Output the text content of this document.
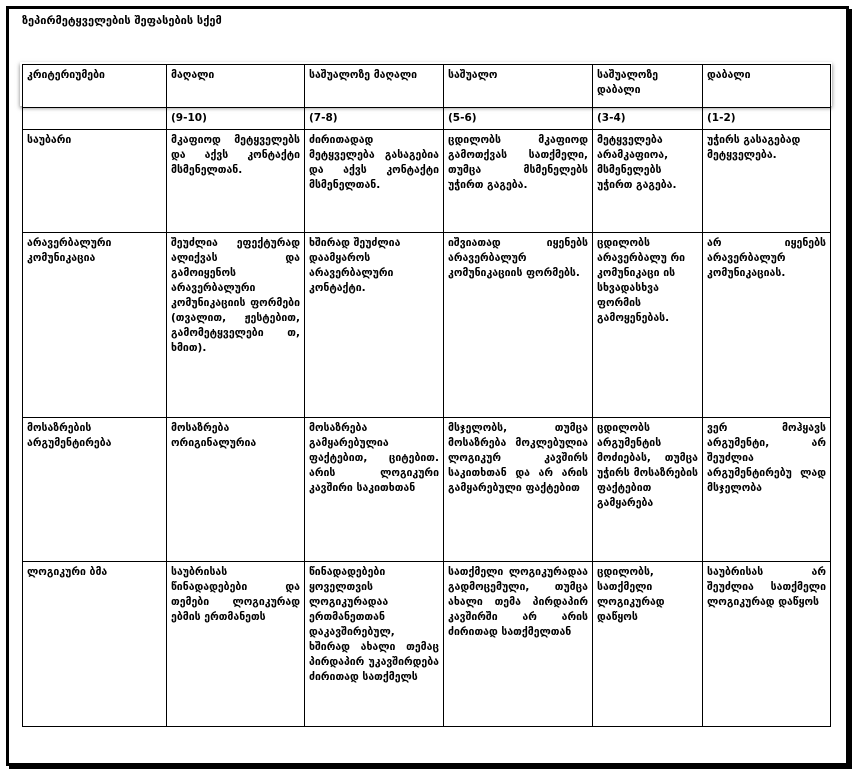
ზეპირმეტყველების შეფასების სქემ
კრიტერიუმები	მაღალი	საშუალოზე მაღალი	საშუალო	საშუალოზე დაბალი	დაბალი
	(9-10)	(7-8)	(5-6)	(3-4)	(1-2)
საუბარი	მკაფიოდ მეტყველებს და აქვს კონტაქტი მსმენელთან.	ძირითადად მეტყველება გასაგებია და აქვს კონტაქტი მსმენელთან.	ცდილობს მკაფიოდ გამოთქვას სათქმელი, თუმცა მსმენელებს უჭირთ გაგება.	მეტყველება არამკაფიოა, მსმენელებს უჭირთ გაგება.	უჭირს გასაგებად მეტყველება.
არავერბალური კომუნიკაცია	შეუძლია ეფექტურად ალიქვას და გამოიყენოს არავერბალური კომუნიკაციის ფორმები (თვალით, ჟესტებით, გამომეტყველები თ, ხმით).	ხშირად შეუძლია დაამყაროს არავერბალური კონტაქტი.	იშვიათად იყენებს არავერბალურ კომუნიკაციის ფორმებს.	ცდილობს არავერბალუ რი კომუნიკაცი ის სხვადასხვა ფორმის გამოყენებას.	არ იყენებს არავერბალურ კომუნიკაციას.
მოსაზრების არგუმენტირება	მოსაზრება ორიგინალურია	მოსაზრება გამყარებულია ფაქტებით, ციტებით. არის ლოგიკური კავშირი საკითხთან	მსჯელობს, თუმცა მოსაზრება მოკლებულია ლოგიკურ კავშირს საკითხთან და არ არის გამყარებული ფაქტებით	ცდილობს არგუმენტის მოძიებას, თუმცა უჭირს მოსაზრების ფაქტებით გამყარება	ვერ მოჰყავს არგუმენტი, არ შეუძლია არგუმენტირებუ ლად მსჯელობა
ლოგიკური ბმა	საუბრისას წინადადებები და თემები ლოგიკურად ებმის ერთმანეთს	წინადადებები ყოველთვის ლოგიკურადაა ერთმანეთთან დაკავშირებულ, ხშირად ახალი თემაც პირდაპირ უკავშირდება ძირითად სათქმელს	სათქმელი ლოგიკურადაა გადმოცემული, თუმცა ახალი თემა პირდაპირ კავშირში არ არის ძირითად სათქმელთან	ცდილობს, სათქმელი ლოგიკურად დაწყოს	საუბრისას არ შეუძლია სათქმელი ლოგიკურად დაწყოს
